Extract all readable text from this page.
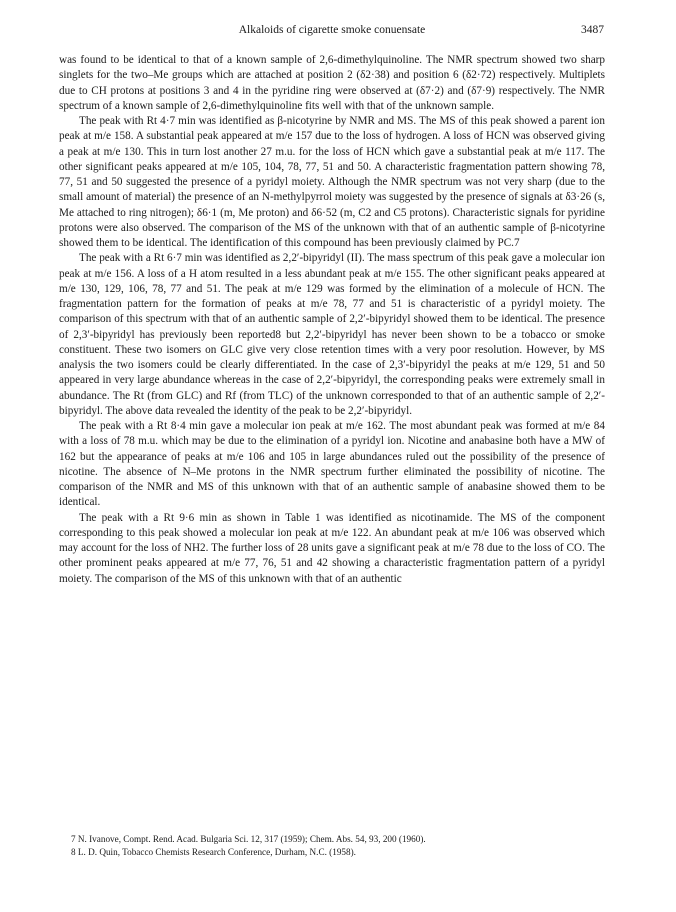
Alkaloids of cigarette smoke conuensate	3487

was found to be identical to that of a known sample of 2,6-dimethylquinoline. The NMR spectrum showed two sharp singlets for the two–Me groups which are attached at position 2 (δ2·38) and position 6 (δ2·72) respectively. Multiplets due to CH protons at positions 3 and 4 in the pyridine ring were observed at (δ7·2) and (δ7·9) respectively. The NMR spectrum of a known sample of 2,6-dimethylquinoline fits well with that of the unknown sample.

The peak with Rt 4·7 min was identified as β-nicotyrine by NMR and MS. The MS of this peak showed a parent ion peak at m/e 158. A substantial peak appeared at m/e 157 due to the loss of hydrogen. A loss of HCN was observed giving a peak at m/e 130. This in turn lost another 27 m.u. for the loss of HCN which gave a substantial peak at m/e 117. The other significant peaks appeared at m/e 105, 104, 78, 77, 51 and 50. A characteristic fragmentation pattern showing 78, 77, 51 and 50 suggested the presence of a pyridyl moiety. Although the NMR spectrum was not very sharp (due to the small amount of material) the presence of an N-methylpyrrol moiety was suggested by the presence of signals at δ3·26 (s, Me attached to ring nitrogen); δ6·1 (m, Me proton) and δ6·52 (m, C2 and C5 protons). Characteristic signals for pyridine protons were also observed. The comparison of the MS of the unknown with that of an authentic sample of β-nicotyrine showed them to be identical. The identification of this compound has been previously claimed by PC.7

The peak with a Rt 6·7 min was identified as 2,2′-bipyridyl (II). The mass spectrum of this peak gave a molecular ion peak at m/e 156. A loss of a H atom resulted in a less abundant peak at m/e 155. The other significant peaks appeared at m/e 130, 129, 106, 78, 77 and 51. The peak at m/e 129 was formed by the elimination of a molecule of HCN. The fragmentation pattern for the formation of peaks at m/e 78, 77 and 51 is characteristic of a pyridyl moiety. The comparison of this spectrum with that of an authentic sample of 2,2′-bipyridyl showed them to be identical. The presence of 2,3′-bipyridyl has previously been reported8 but 2,2′-bipyridyl has never been shown to be a tobacco or smoke constituent. These two isomers on GLC give very close retention times with a very poor resolution. However, by MS analysis the two isomers could be clearly differentiated. In the case of 2,3′-bipyridyl the peaks at m/e 129, 51 and 50 appeared in very large abundance whereas in the case of 2,2′-bipyridyl, the corresponding peaks were extremely small in abundance. The Rt (from GLC) and Rf (from TLC) of the unknown corresponded to that of an authentic sample of 2,2′-bipyridyl. The above data revealed the identity of the peak to be 2,2′-bipyridyl.

The peak with a Rt 8·4 min gave a molecular ion peak at m/e 162. The most abundant peak was formed at m/e 84 with a loss of 78 m.u. which may be due to the elimination of a pyridyl ion. Nicotine and anabasine both have a MW of 162 but the appearance of peaks at m/e 106 and 105 in large abundances ruled out the possibility of the presence of nicotine. The absence of N–Me protons in the NMR spectrum further eliminated the possibility of nicotine. The comparison of the NMR and MS of this unknown with that of an authentic sample of anabasine showed them to be identical.

The peak with a Rt 9·6 min as shown in Table 1 was identified as nicotinamide. The MS of the component corresponding to this peak showed a molecular ion peak at m/e 122. An abundant peak at m/e 106 was observed which may account for the loss of NH2. The further loss of 28 units gave a significant peak at m/e 78 due to the loss of CO. The other prominent peaks appeared at m/e 77, 76, 51 and 42 showing a characteristic fragmentation pattern of a pyridyl moiety. The comparison of the MS of this unknown with that of an authentic

7 N. Ivanove, Compt. Rend. Acad. Bulgaria Sci. 12, 317 (1959); Chem. Abs. 54, 93, 200 (1960).

8 L. D. Quin, Tobacco Chemists Research Conference, Durham, N.C. (1958).
